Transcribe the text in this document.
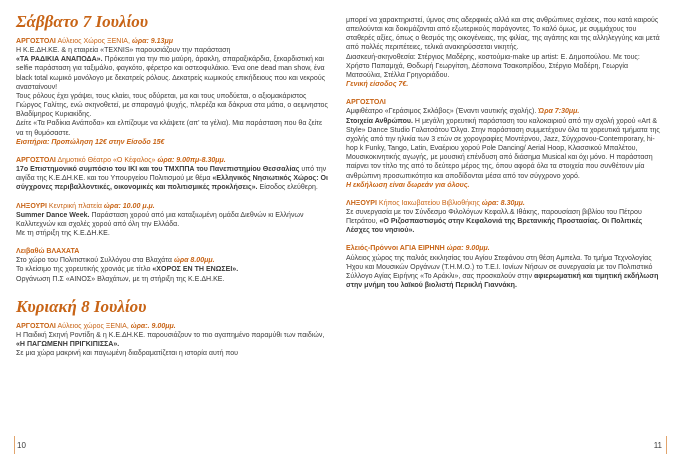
Σάββατο 7 Ιουλίου

ΑΡΓΟΣΤΟΛΙ Αύλειος Χώρος ΞΕΝΙΑ, ώρα: 9.13μμ

Η Κ.Ε.ΔΗ.ΚΕ. & η εταιρεία «TEXNIS» παρουσιάζουν την παράσταση

«ΤΑ ΡΑΔΙΚΙΑ ΑΝΑΠΟΔΑ». Πρόκειται για την πιο μαύρη, άρακλη, σπαραξικάρδια, ξεκαρδιστική και selfie παράσταση για ταξιμάλιο, φαγκότο, φέρετρο και οστεοφυλάκιο. Ένα one dead man show, ένα black total κωμικό μονόλογο με δεκατρείς ρόλους. Δεκατρείς κωμικούς επικήδειους που και νεκρούς ανασταίνουν!

Τους ρόλους έχει γράψει, τους κλαίει, τους οδύρεται, μα και τους υποδύεται, ο αξιομακάριστος Γιώργος Γαλίτης, ενώ σκηνοθετεί, με σπαραγμό ψυχής, πλερέζα και δάκρυα στα μάτια, ο αειμνηστος Βλαδίμηρος Κυριακίδης.

Δείτε «Τα Ραδίκια Ανάποδα» και ελπίζουμε να κλάψετε (απ' τα γέλια). Μια παράσταση που θα ζείτε να τη θυμόσαστε.

Εισιτήρια: Προπώληση 12€ στην Είσοδο 15€

ΑΡΓΟΣΤΟΛΙ Δημοτικό Θέατρο «Ο Κέφαλος» ώρα: 9.00πμ-8.30μμ.

17ο Επιστημονικό συμπόσιο του ΙΚΙ και του ΤΜΧΠΠΑ του Πανεπιστημίου Θεσσαλίας υπό την αιγίδα της Κ.Ε.ΔΗ.ΚΕ. και του Υπουργείου Πολιτισμού με θέμα «Ελληνικός Νησιωτικός Χώρος: Οι σύγχρονες περιβαλλοντικές, οικονομικές και πολιτισμικές προκλήσεις». Είσοδος ελεύθερη.

ΛΗΞΟΥΡΙ Κεντρική πλατεία ώρα: 10.00 μ.μ.

Summer Dance Week. Παράσταση χορού από μια καταξιωμένη ομάδα Διεθνών κι Ελλήνων Καλλιτεχνών και σχολές χορού από όλη την Ελλάδα.

Με τη στήριξη της Κ.Ε.ΔΗ.ΚΕ.

Λειβαθώ ΒΛΑΧΑΤΑ

Στο χώρο του Πολιτιστικού Συλλόγου στα Βλαχάτα ώρα 8.00μμ.

Το κλείσιμο της χορευτικής χρονιάς με τίτλο «ΧΟΡΟΣ ΕΝ ΤΗ ΕΝΩΣΕΙ».

Οργάνωση Π.Σ «ΑΙΝΟΣ» Βλαχάτων, με τη στήριξη της Κ.Ε.ΔΗ.ΚΕ.

Κυριακή 8 Ιουλίου

ΑΡΓΟΣΤΟΛΙ Αύλειος χώρος ΞΕΝΙΑ, ώρα:. 9.00μμ.

Η Παιδική Σκηνή Ροντίδη & η Κ.Ε.ΔΗ.ΚΕ. παρουσιάζουν το πιο αγαπημένο παραμύθι των παιδιών, «Η ΠΑΓΩΜΕΝΗ ΠΡΙΓΚΙΠΙΣΣΑ».

Σε μια χώρα μακρινή και παγωμένη διαδραματίζεται η ιστορία αυτή που

μπορεί να χαρακτηριστεί, ύμνος στις αδερφικές αλλά και στις ανθρώπινες σχέσεις, που κατά καιρούς απειλούνται και δοκιμάζονται από εξωτερικούς παράγοντες. Το καλό όμως, με συμμάχους του σταθερές αξίες, όπως ο θεσμός της οικογένειας, της φιλίας, της αγάπης και της αλληλεγγύης και μετά από πολλές περιπέτειες, τελικά ανακηρύσσεται νικητής.

Διασκευή-σκηνοθεσία: Στέργιος Μαδέρης, κοστούμια-make up artist: Ε. Δημοπούλου. Με τους: Χρήστο Παπαμιχά, Θοδωρή Γεωργίτση, Δέσποινα Τσακοπρίδου, Στέργιο Μαδέρη, Γεωργία Ματσούλια, Στέλλα Γρηγοριάδου.

Γενική είσοδος 7€.

ΑΡΓΟΣΤΟΛΙ

Αμφιθέατρο «Γεράσιμος Σκλάβος» (Έναντι ναυτικής σχολής). Ώρα 7:30μμ.

Στοιχεία Ανθρώπου. Η μεγάλη χορευτική παράσταση του καλοκαιριού από την σχολή χορού «Art & Style» Dance Studio Γαλατσάτου Όλγα. Στην παράσταση συμμετέχουν όλα τα χορευτικά τμήματα της σχολής από την ηλικία των 3 ετών σε χορογραφίες Μοντέρνου, Jazz, Σύγχρονου-Contemporary, hi-hop k Funky, Tango, Latin, Εναέριου χορού Pole Dancing/ Aerial Hoop, Κλασσικού Μπαλέτου, Μουσικοκινητικής αγωγής, με μουσική επένδυση από διάσημα Musical και όχι μόνο. Η παράσταση παίρνει τον τίτλο της από το δεύτερο μέρος της, όπου αφορά όλα τα στοιχεία που συνθέτουν μία ανθρώπινη προσωπικότητα και αποδίδονται μέσα από τον σύγχρονο χορό.

Η εκδήλωση είναι δωρεάν για όλους.

ΛΗΞΟΥΡΙ Κήπος Ιακωβατείου Βιβλιοθήκης ώρα: 8.30μμ.

Σε συνεργασία με τον Σύνδεσμο Φιλολόγων Κεφαλλ.& Ιθάκης, παρουσίαση βιβλίου του Πέτρου Πετράτου, «Ο Ριζοσπαστισμός στην Κεφαλονιά της Βρετανικής Προστασίας. Οι Πολιτικές Λέσχες του νησιού».

Ελειός-Πρόννοι ΑΓΙΑ ΕΙΡΗΝΗ ώρα: 9.00μμ.

Αύλειος χώρος της παλιάς εκκλησίας του Αγίου Στεφάνου στη θέση Αμπελα. Το τμήμα Τεχνολογίας Ήχου και Μουσικών Οργάνων (Τ.Η.Μ.Ο.) το Τ.Ε.Ι. Ιονίων Νήσων σε συνεργασία με τον Πολιτιστικό Σύλλογο Αγίας Ειρήνης «Το Αράκλι», σας προσκαλούν στην αφιερωματική και τιμητική εκδήλωση στην μνήμη του λαϊκού βιολιστή Περικλή Γιαννάκη.

10	11
